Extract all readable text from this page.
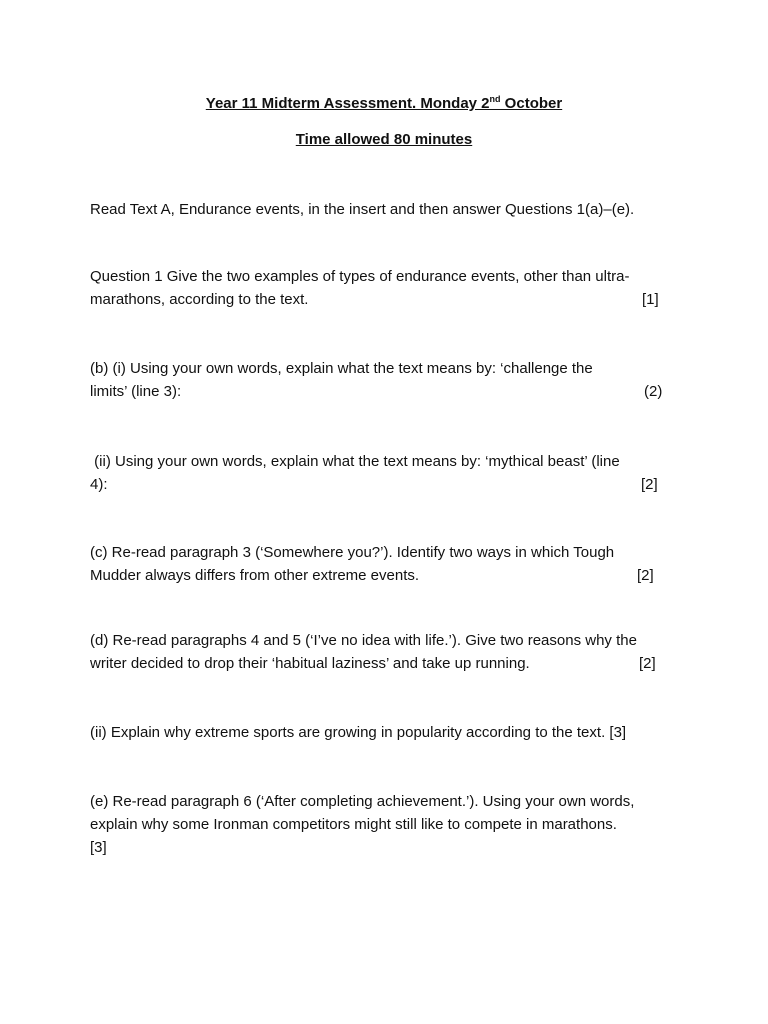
Year 11 Midterm Assessment. Monday 2nd October
Time allowed 80 minutes
Read Text A, Endurance events, in the insert and then answer Questions 1(a)–(e).
Question 1 Give the two examples of types of endurance events, other than ultra-
marathons, according to the text.	[1]
(b) (i) Using your own words, explain what the text means by: ‘challenge the
limits’ (line 3):	(2)
(ii) Using your own words, explain what the text means by: ‘mythical beast’ (line
4):	[2]
(c) Re-read paragraph 3 (‘Somewhere you?’). Identify two ways in which Tough
Mudder always differs from other extreme events.	[2]
(d) Re-read paragraphs 4 and 5 (‘I’ve no idea with life.’). Give two reasons why the
writer decided to drop their ‘habitual laziness’ and take up running.	[2]
(ii) Explain why extreme sports are growing in popularity according to the text. [3]
(e) Re-read paragraph 6 (‘After completing achievement.’). Using your own words,
explain why some Ironman competitors might still like to compete in marathons.
[3]
